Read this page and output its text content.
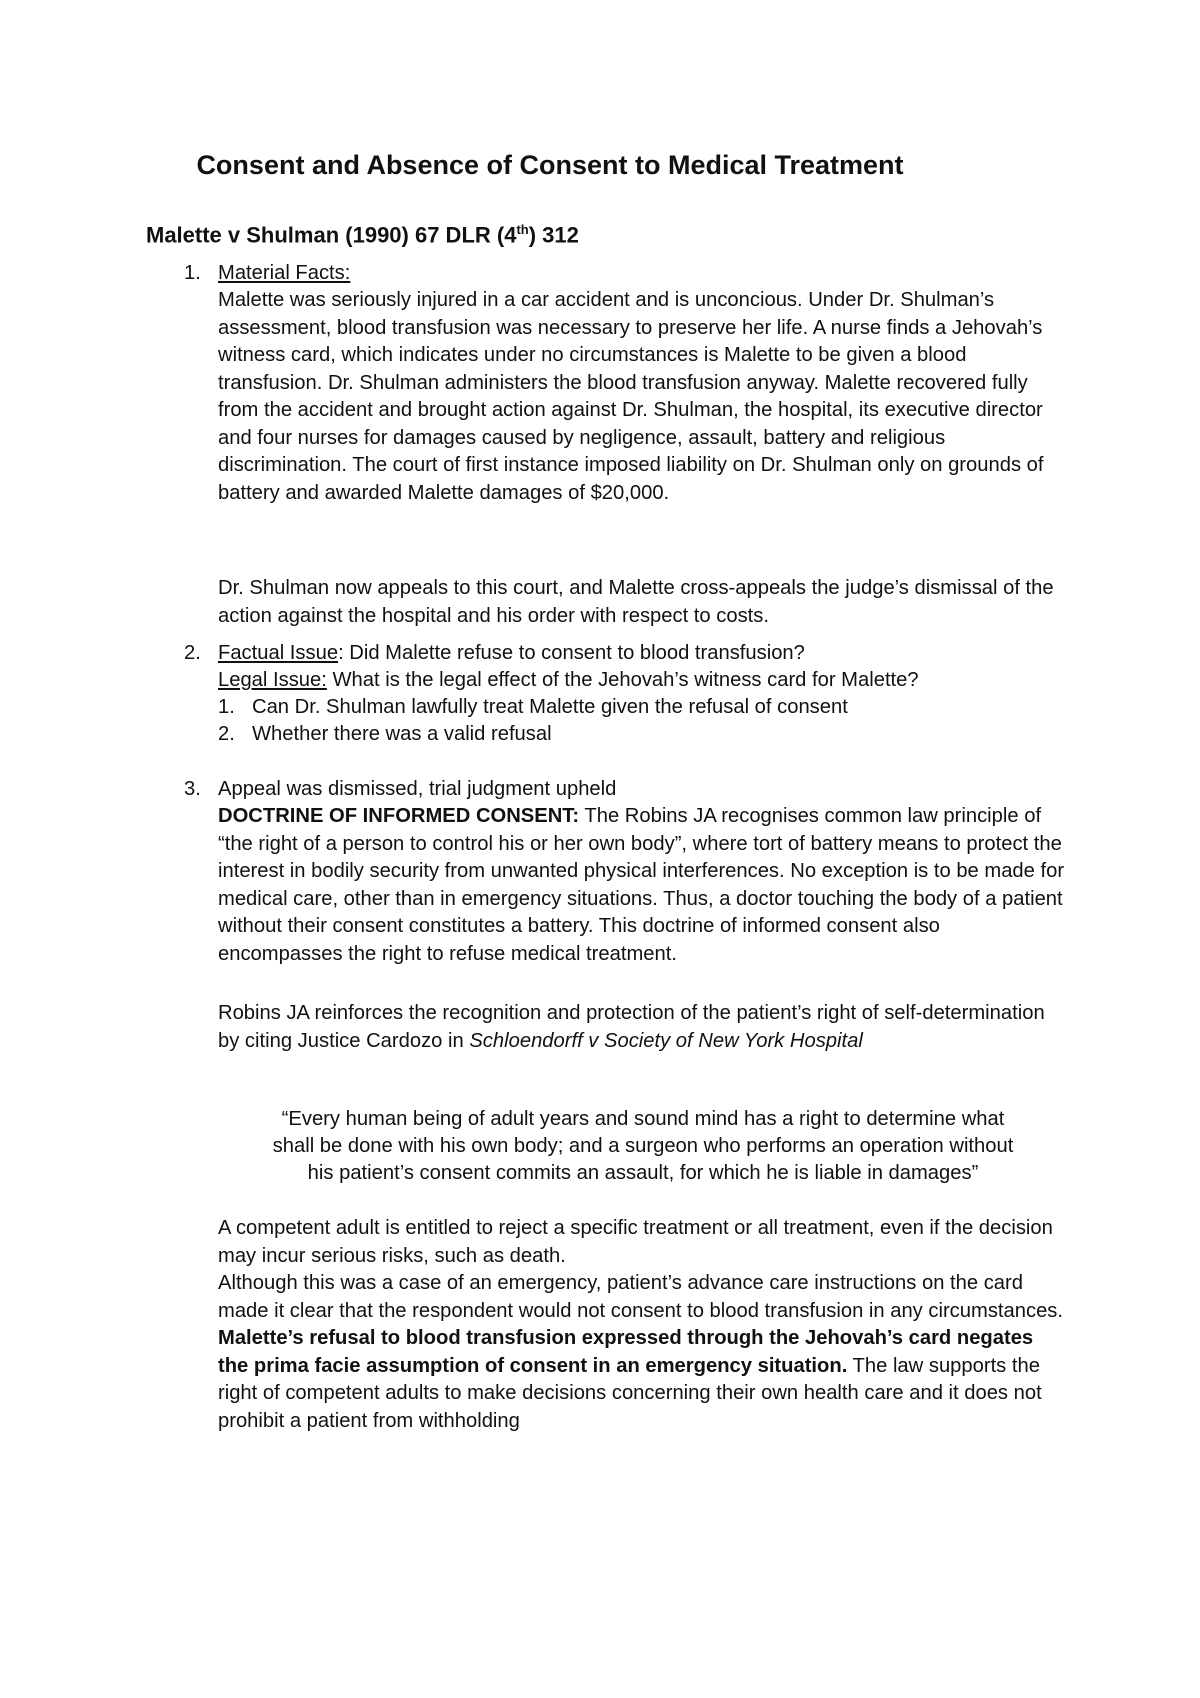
Consent and Absence of Consent to Medical Treatment
Malette v Shulman (1990) 67 DLR (4th) 312

1. Material Facts:

Malette was seriously injured in a car accident and is unconcious. Under Dr. Shulman’s assessment, blood transfusion was necessary to preserve her life. A nurse finds a Jehovah’s witness card, which indicates under no circumstances is Malette to be given a blood transfusion. Dr. Shulman administers the blood transfusion anyway. Malette recovered fully from the accident and brought action against Dr. Shulman, the hospital, its executive director and four nurses for damages caused by negligence, assault, battery and religious discrimination. The court of first instance imposed liability on Dr. Shulman only on grounds of battery and awarded Malette damages of $20,000.

Dr. Shulman now appeals to this court, and Malette cross-appeals the judge’s dismissal of the action against the hospital and his order with respect to costs.

2. Factual Issue: Did Malette refuse to consent to blood transfusion?

Legal Issue: What is the legal effect of the Jehovah’s witness card for Malette?

1. Can Dr. Shulman lawfully treat Malette given the refusal of consent

2. Whether there was a valid refusal

3. Appeal was dismissed, trial judgment upheld

DOCTRINE OF INFORMED CONSENT: The Robins JA recognises common law principle of “the right of a person to control his or her own body”, where tort of battery means to protect the interest in bodily security from unwanted physical interferences. No exception is to be made for medical care, other than in emergency situations. Thus, a doctor touching the body of a patient without their consent constitutes a battery. This doctrine of informed consent also encompasses the right to refuse medical treatment.

Robins JA reinforces the recognition and protection of the patient’s right of self-determination by citing Justice Cardozo in Schloendorff v Society of New York Hospital

“Every human being of adult years and sound mind has a right to determine what

shall be done with his own body; and a surgeon who performs an operation without

his patient’s consent commits an assault, for which he is liable in damages”

A competent adult is entitled to reject a specific treatment or all treatment, even if the decision may incur serious risks, such as death.

Although this was a case of an emergency, patient’s advance care instructions on the card made it clear that the respondent would not consent to blood transfusion in any circumstances. Malette’s refusal to blood transfusion expressed through the Jehovah’s card negates the prima facie assumption of consent in an emergency situation. The law supports the right of competent adults to make decisions concerning their own health care and it does not prohibit a patient from withholding
